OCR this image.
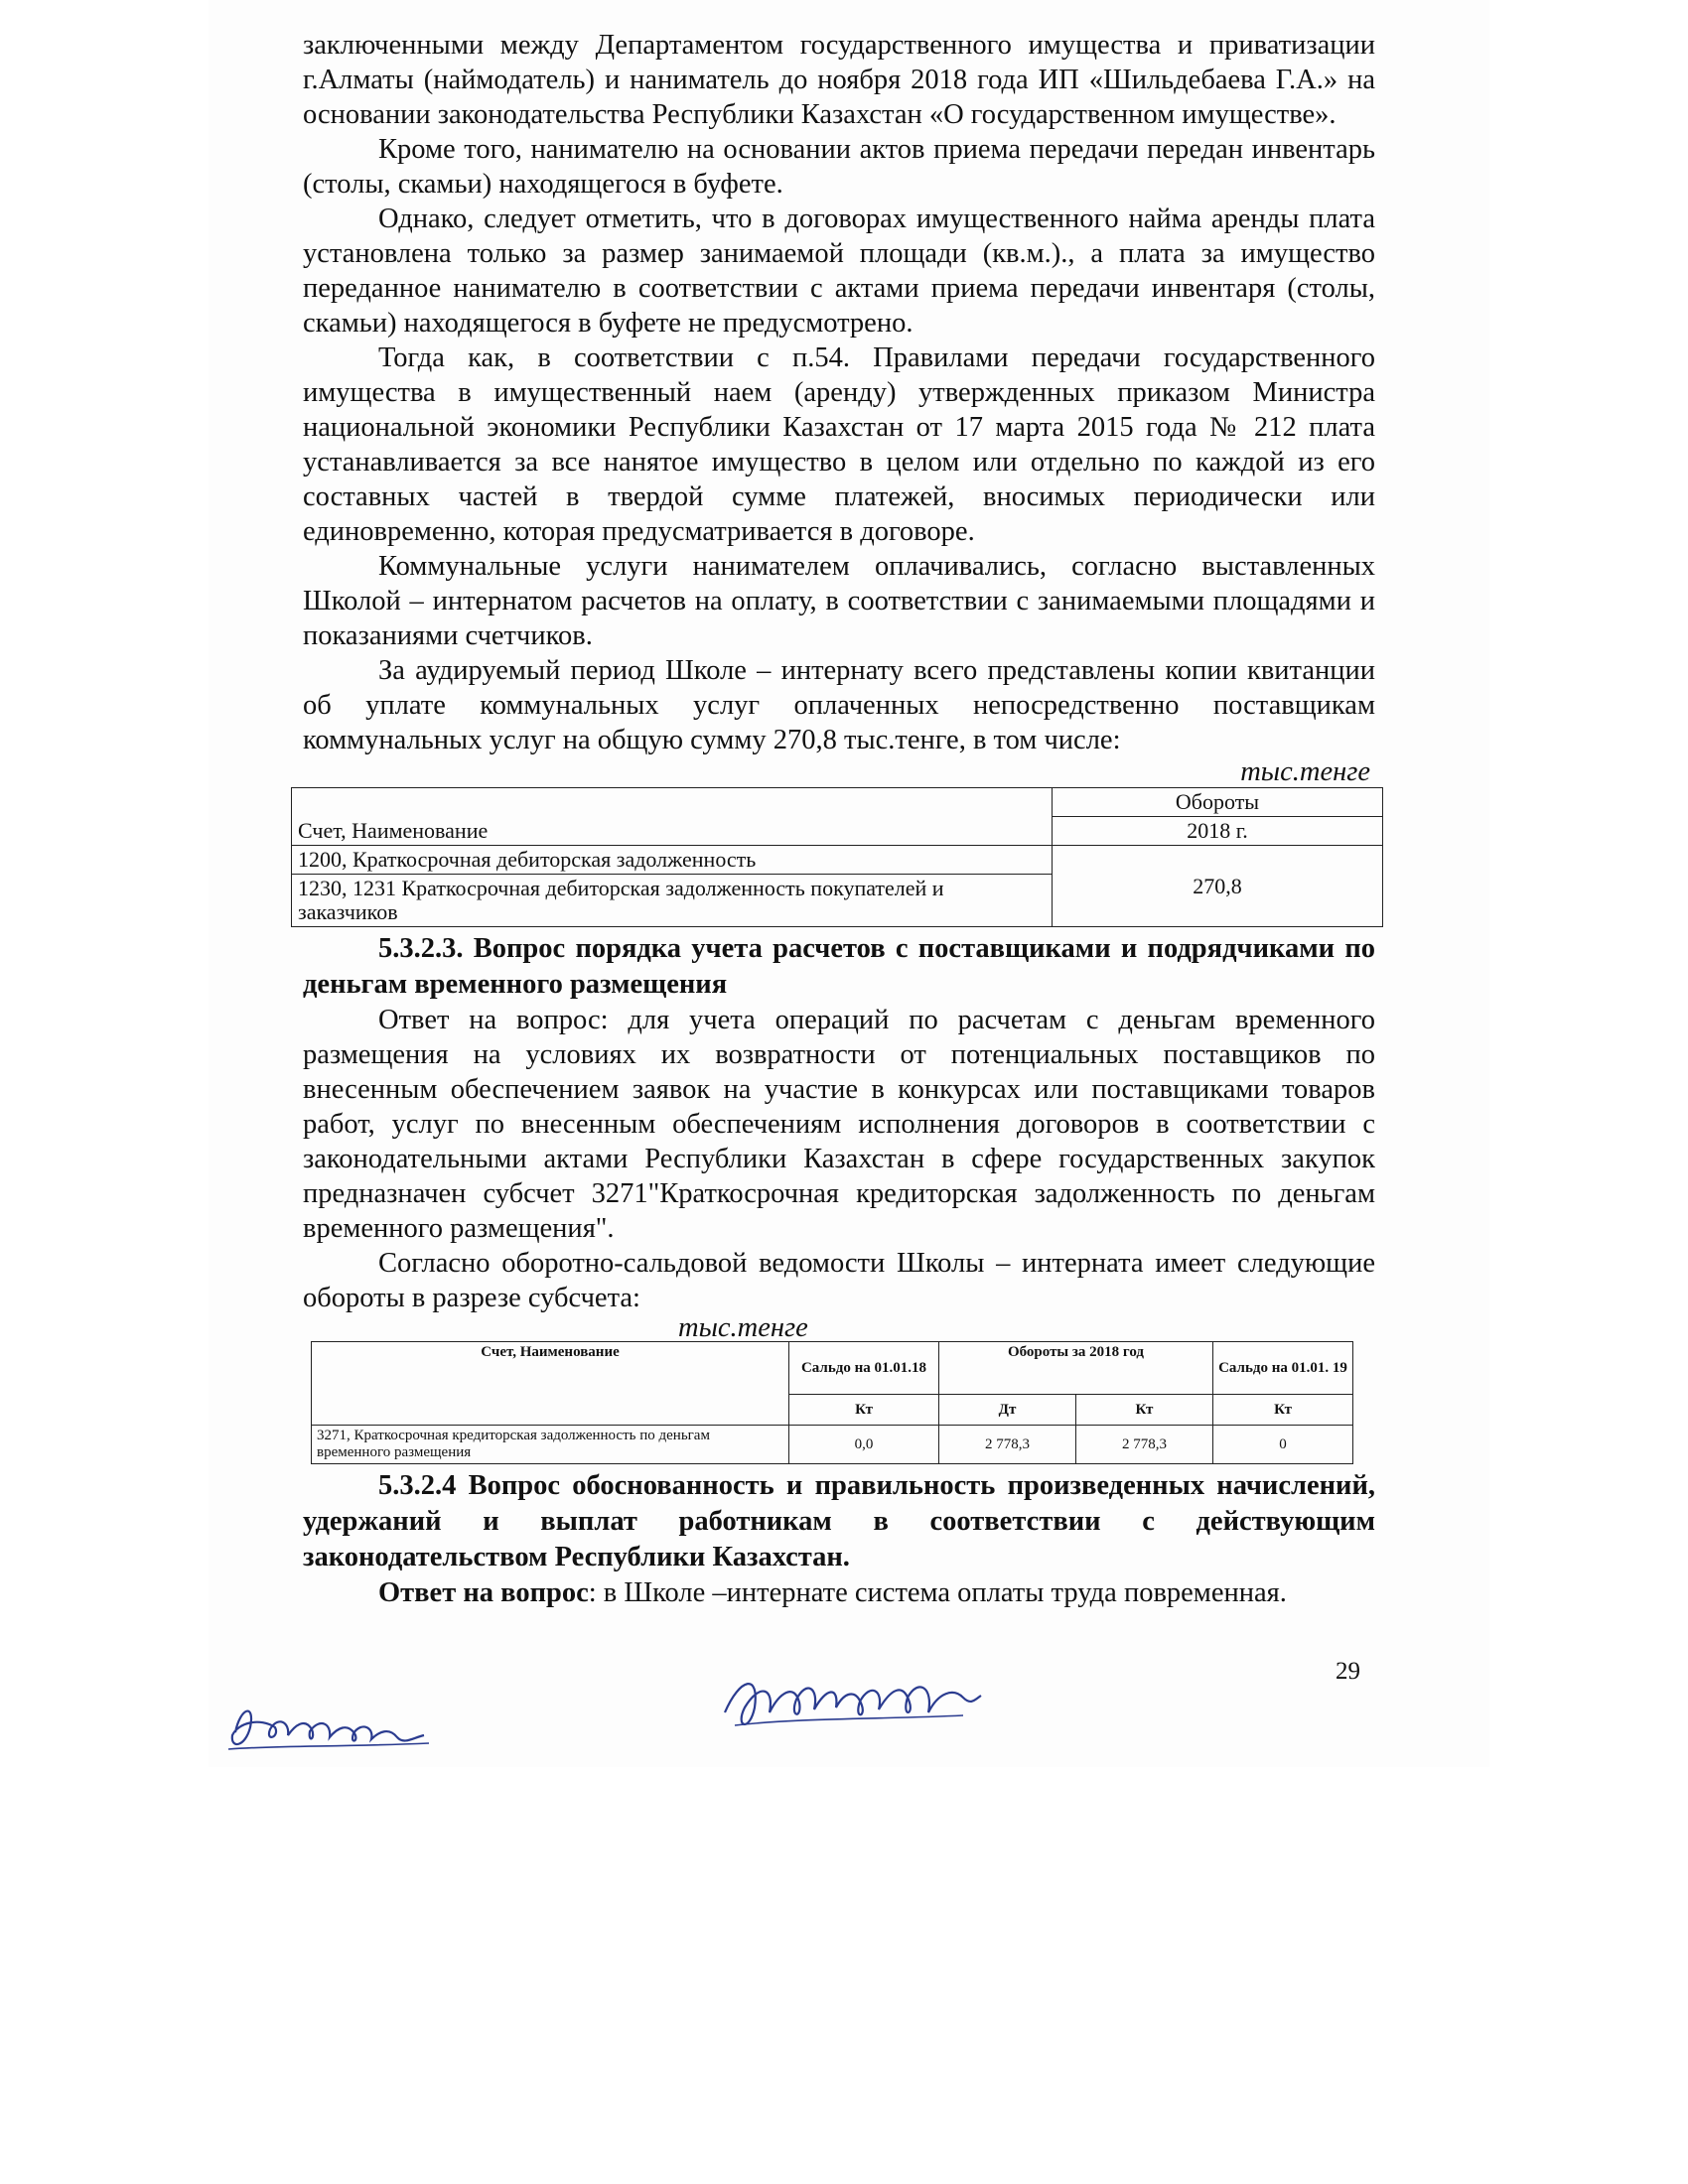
заключенными между Департаментом государственного имущества и приватизации г.Алматы (наймодатель) и наниматель до ноября 2018 года ИП «Шильдебаева Г.А.» на основании законодательства Республики Казахстан «О государственном имуществе».

Кроме того, нанимателю на основании актов приема передачи передан инвентарь (столы, скамьи) находящегося в буфете.

Однако, следует отметить, что в договорах имущественного найма аренды плата установлена только за размер занимаемой площади (кв.м.)., а плата за имущество переданное нанимателю в соответствии с актами приема передачи инвентаря (столы, скамьи) находящегося в буфете не предусмотрено.

Тогда как, в соответствии с п.54. Правилами передачи государственного имущества в имущественный наем (аренду) утвержденных приказом Министра национальной экономики Республики Казахстан от 17 марта 2015 года № 212 плата устанавливается за все нанятое имущество в целом или отдельно по каждой из его составных частей в твердой сумме платежей, вносимых периодически или единовременно, которая предусматривается в договоре.

Коммунальные услуги нанимателем оплачивались, согласно выставленных Школой – интернатом расчетов на оплату, в соответствии с занимаемыми площадями и показаниями счетчиков.

За аудируемый период Школе – интернату всего представлены копии квитанции об уплате коммунальных услуг оплаченных непосредственно поставщикам коммунальных услуг на общую сумму 270,8 тыс.тенге, в том числе:

тыс.тенге

Счет, Наименование	Обороты
	2018 г.
1200, Краткосрочная дебиторская задолженность	270,8
1230, 1231 Краткосрочная дебиторская задолженность покупателей и заказчиков	

5.3.2.3. Вопрос порядка учета расчетов с поставщиками и подрядчиками по деньгам временного размещения

Ответ на вопрос: для учета операций по расчетам с деньгам временного размещения на условиях их возвратности от потенциальных поставщиков по внесенным обеспечением заявок на участие в конкурсах или поставщиками товаров работ, услуг по внесенным обеспечениям исполнения договоров в соответствии с законодательными актами Республики Казахстан в сфере государственных закупок предназначен субсчет 3271"Краткосрочная кредиторская задолженность по деньгам временного размещения".

Согласно оборотно-сальдовой ведомости Школы – интерната имеет следующие обороты в разрезе субсчета:

тыс.тенге

Счет, Наименование	Сальдо на 01.01.18	Обороты за 2018 год		Сальдо на 01.01. 19
	Кт	Дт	Кт	Кт
3271, Краткосрочная кредиторская задолженность по деньгам временного размещения	0,0	2 778,3	2 778,3	0

5.3.2.4 Вопрос обоснованность и правильность произведенных начислений, удержаний и выплат работникам в соответствии с действующим законодательством Республики Казахстан.

Ответ на вопрос: в Школе –интернате система оплаты труда повременная.

29
